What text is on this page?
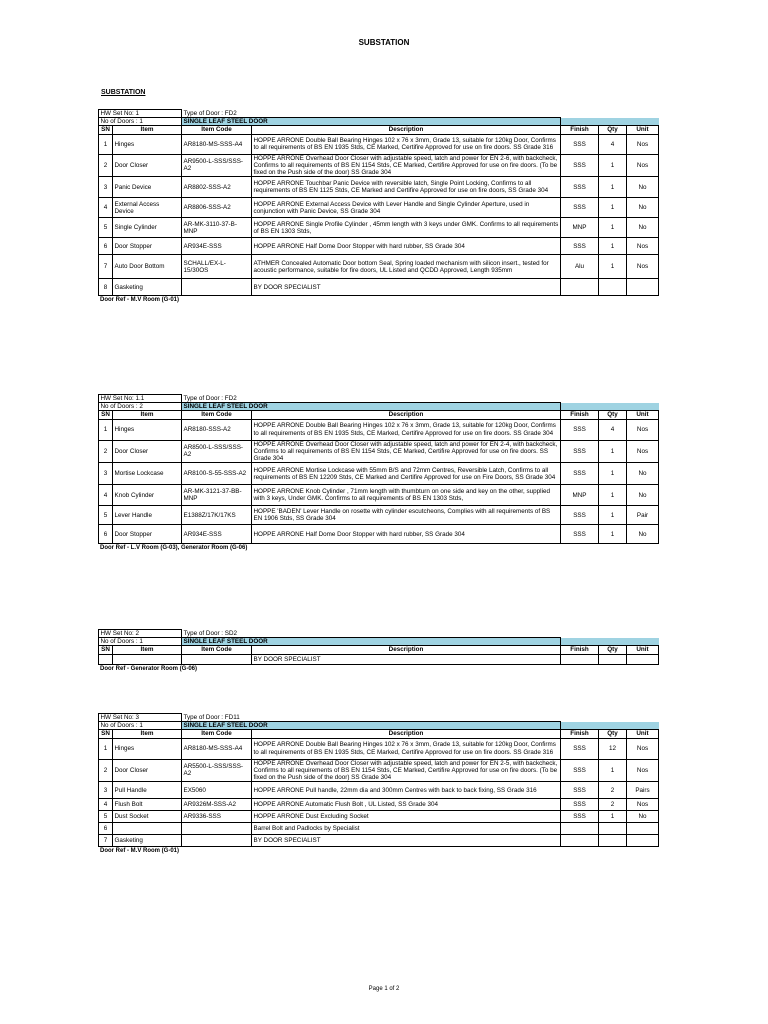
SUBSTATION
SUBSTATION
HW Set No: 1		Type of Door : FD2				
No of Doors : 1		SINGLE LEAF STEEL DOOR				
SN	Item	Item Code	Description	Finish	Qty	Unit
1	Hinges	AR8180-MS-SSS-A4	HOPPE ARRONE Double Ball Bearing Hinges 102 x 76 x 3mm, Grade 13, suitable for 120kg Door, Confirms to all requirements of BS EN 1935 Stds, CE Marked, Certifire Approved for use on fire doors. SS Grade 316	SSS	4	Nos
2	Door Closer	AR9500-L-SSS/SSS-A2	HOPPE ARRONE Overhead Door Closer with adjustable speed, latch and power for EN 2-6, with backcheck, Confirms to all requirements of BS EN 1154 Stds, CE Marked, Certifire Approved for use on fire doors. (To be fixed on the Push side of the door) SS Grade 304	SSS	1	Nos
3	Panic Device	AR8802-SSS-A2	HOPPE ARRONE Touchbar Panic Device with reversible latch, Single Point Locking, Confirms to all requirements of BS EN 1125 Stds, CE Marked and Certifire Approved for use on fire doors, SS Grade 304	SSS	1	No
4	External Access Device	AR8806-SSS-A2	HOPPE ARRONE External Access Device with Lever Handle and Single Cylinder Aperture, used in conjunction with Panic Device, SS Grade 304	SSS	1	No
5	Single Cylinder	AR-MK-3110-37-B-MNP	HOPPE ARRONE Single Profile Cylinder , 45mm length with 3 keys under GMK. Confirms to all requirements of BS EN 1303 Stds,	MNP	1	No
6	Door Stopper	AR934E-SSS	HOPPE ARRONE Half Dome Door Stopper with hard rubber, SS Grade 304	SSS	1	Nos
7	Auto Door Bottom	SCHALL/EX-L-15/30OS	ATHMER Concealed Automatic Door bottom Seal, Spring loaded mechanism with silicon insert., tested for acoustic performance, suitable for fire doors, UL Listed and QCDD Approved, Length 935mm	Alu	1	Nos
8	Gasketing		BY DOOR SPECIALIST			
Door Ref - M.V Room (G-01)
HW Set No: 1.1		Type of Door : FD2				
No of Doors : 2		SINGLE LEAF STEEL DOOR				
SN	Item	Item Code	Description	Finish	Qty	Unit
1	Hinges	AR8180-SSS-A2	HOPPE ARRONE Double Ball Bearing Hinges 102 x 76 x 3mm, Grade 13, suitable for 120kg Door, Confirms to all requirements of BS EN 1935 Stds, CE Marked, Certifire Approved for use on fire doors. SS Grade 304	SSS	4	Nos
2	Door Closer	AR8500-L-SSS/SSS-A2	HOPPE ARRONE Overhead Door Closer with adjustable speed, latch and power for EN 2-4, with backcheck, Confirms to all requirements of BS EN 1154 Stds, CE Marked, Certifire Approved for use on fire doors. SS Grade 304	SSS	1	Nos
3	Mortise Lockcase	AR8100-S-55-SSS-A2	HOPPE ARRONE Mortise Lockcase with 55mm B/S and 72mm Centres, Reversible Latch, Confirms to all requirements of BS EN 12209 Stds, CE Marked and Certifire Approved for use on Fire Doors, SS Grade 304	SSS	1	No
4	Knob Cylinder	AR-MK-3121-37-BB-MNP	HOPPE ARRONE Knob Cylinder , 71mm length with thumbturn on one side and key on the other, supplied with 3 keys, Under GMK. Confirms to all requirements of BS EN 1303 Stds,	MNP	1	No
5	Lever Handle	E1388Z/17K/17KS	HOPPE 'BADEN' Lever Handle on rosette with cylinder escutcheons, Complies with all requirements of BS EN 1906 Stds, SS Grade 304	SSS	1	Pair
6	Door Stopper	AR934E-SSS	HOPPE ARRONE Half Dome Door Stopper with hard rubber, SS Grade 304	SSS	1	No
Door Ref - L.V Room (G-03), Generator Room (G-06)
HW Set No: 2		Type of Door : SD2				
No of Doors : 1		SINGLE LEAF STEEL DOOR				
SN	Item	Item Code	Description	Finish	Qty	Unit
			BY DOOR SPECIALIST			
Door Ref - Generator Room (G-06)
HW Set No: 3		Type of Door : FD11				
No of Doors : 1		SINGLE LEAF STEEL DOOR				
SN	Item	Item Code	Description	Finish	Qty	Unit
1	Hinges	AR8180-MS-SSS-A4	HOPPE ARRONE Double Ball Bearing Hinges 102 x 76 x 3mm, Grade 13, suitable for 120kg Door, Confirms to all requirements of BS EN 1935 Stds, CE Marked, Certifire Approved for use on fire doors. SS Grade 316	SSS	12	Nos
2	Door Closer	AR5500-L-SSS/SSS-A2	HOPPE ARRONE Overhead Door Closer with adjustable speed, latch and power for EN 2-5, with backcheck, Confirms to all requirements of BS EN 1154 Stds, CE Marked, Certifire Approved for use on fire doors. (To be fixed on the Push side of the door) SS Grade 304	SSS	1	Nos
3	Pull Handle	EX5060	HOPPE ARRONE Pull handle, 22mm dia and 300mm Centres with back to back fixing, SS Grade 316	SSS	2	Pairs
4	Flush Bolt	AR9326M-SSS-A2	HOPPE ARRONE Automatic Flush Bolt , UL Listed, SS Grade 304	SSS	2	Nos
5	Dust Socket	AR9336-SSS	HOPPE ARRONE Dust Excluding Socket	SSS	1	No
6			Barrel Bolt and Padlocks by Specialist			
7	Gasketing		BY DOOR SPECIALIST			
Door Ref - M.V Room (G-01)
Page 1 of 2
